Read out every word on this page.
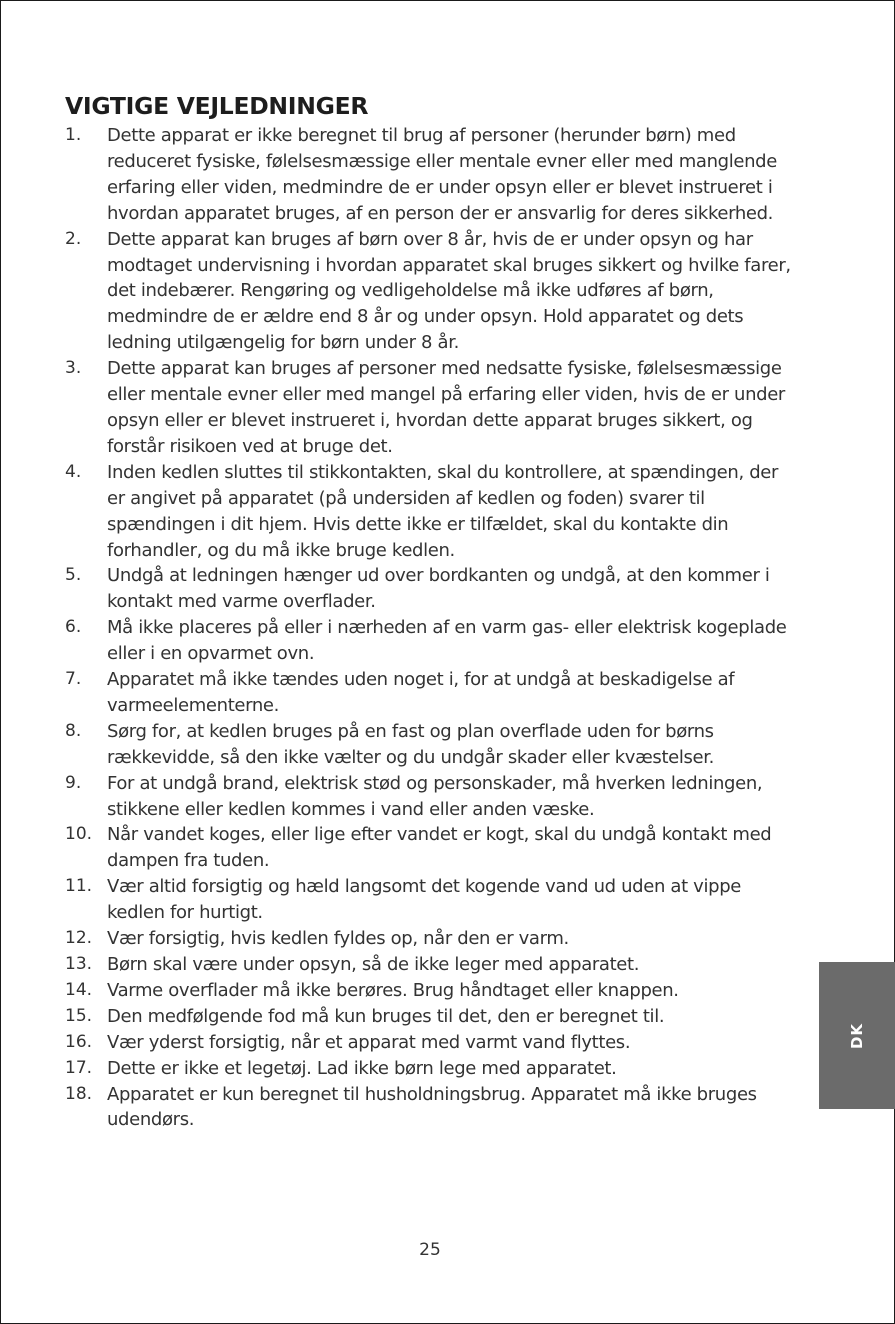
VIGTIGE VEJLEDNINGER
1. Dette apparat er ikke beregnet til brug af personer (herunder børn) med reduceret fysiske, følelsesmæssige eller mentale evner eller med manglende erfaring eller viden, medmindre de er under opsyn eller er blevet instrueret i hvordan apparatet bruges, af en person der er ansvarlig for deres sikkerhed.
2. Dette apparat kan bruges af børn over 8 år, hvis de er under opsyn og har modtaget undervisning i hvordan apparatet skal bruges sikkert og hvilke farer, det indebærer. Rengøring og vedligeholdelse må ikke udføres af børn, medmindre de er ældre end 8 år og under opsyn. Hold apparatet og dets ledning utilgængelig for børn under 8 år.
3. Dette apparat kan bruges af personer med nedsatte fysiske, følelsesmæssige eller mentale evner eller med mangel på erfaring eller viden, hvis de er under opsyn eller er blevet instrueret i, hvordan dette apparat bruges sikkert, og forstår risikoen ved at bruge det.
4. Inden kedlen sluttes til stikkontakten, skal du kontrollere, at spændingen, der er angivet på apparatet (på undersiden af kedlen og foden) svarer til spændingen i dit hjem. Hvis dette ikke er tilfældet, skal du kontakte din forhandler, og du må ikke bruge kedlen.
5. Undgå at ledningen hænger ud over bordkanten og undgå, at den kommer i kontakt med varme overflader.
6. Må ikke placeres på eller i nærheden af en varm gas- eller elektrisk kogeplade eller i en opvarmet ovn.
7. Apparatet må ikke tændes uden noget i, for at undgå at beskadigelse af varmeelementerne.
8. Sørg for, at kedlen bruges på en fast og plan overflade uden for børns rækkevidde, så den ikke vælter og du undgår skader eller kvæstelser.
9. For at undgå brand, elektrisk stød og personskader, må hverken ledningen, stikkene eller kedlen kommes i vand eller anden væske.
10. Når vandet koges, eller lige efter vandet er kogt, skal du undgå kontakt med dampen fra tuden.
11. Vær altid forsigtig og hæld langsomt det kogende vand ud uden at vippe kedlen for hurtigt.
12. Vær forsigtig, hvis kedlen fyldes op, når den er varm.
13. Børn skal være under opsyn, så de ikke leger med apparatet.
14. Varme overflader må ikke berøres. Brug håndtaget eller knappen.
15. Den medfølgende fod må kun bruges til det, den er beregnet til.
16. Vær yderst forsigtig, når et apparat med varmt vand flyttes.
17. Dette er ikke et legetøj. Lad ikke børn lege med apparatet.
18. Apparatet er kun beregnet til husholdningsbrug. Apparatet må ikke bruges udendørs.
25
DK
